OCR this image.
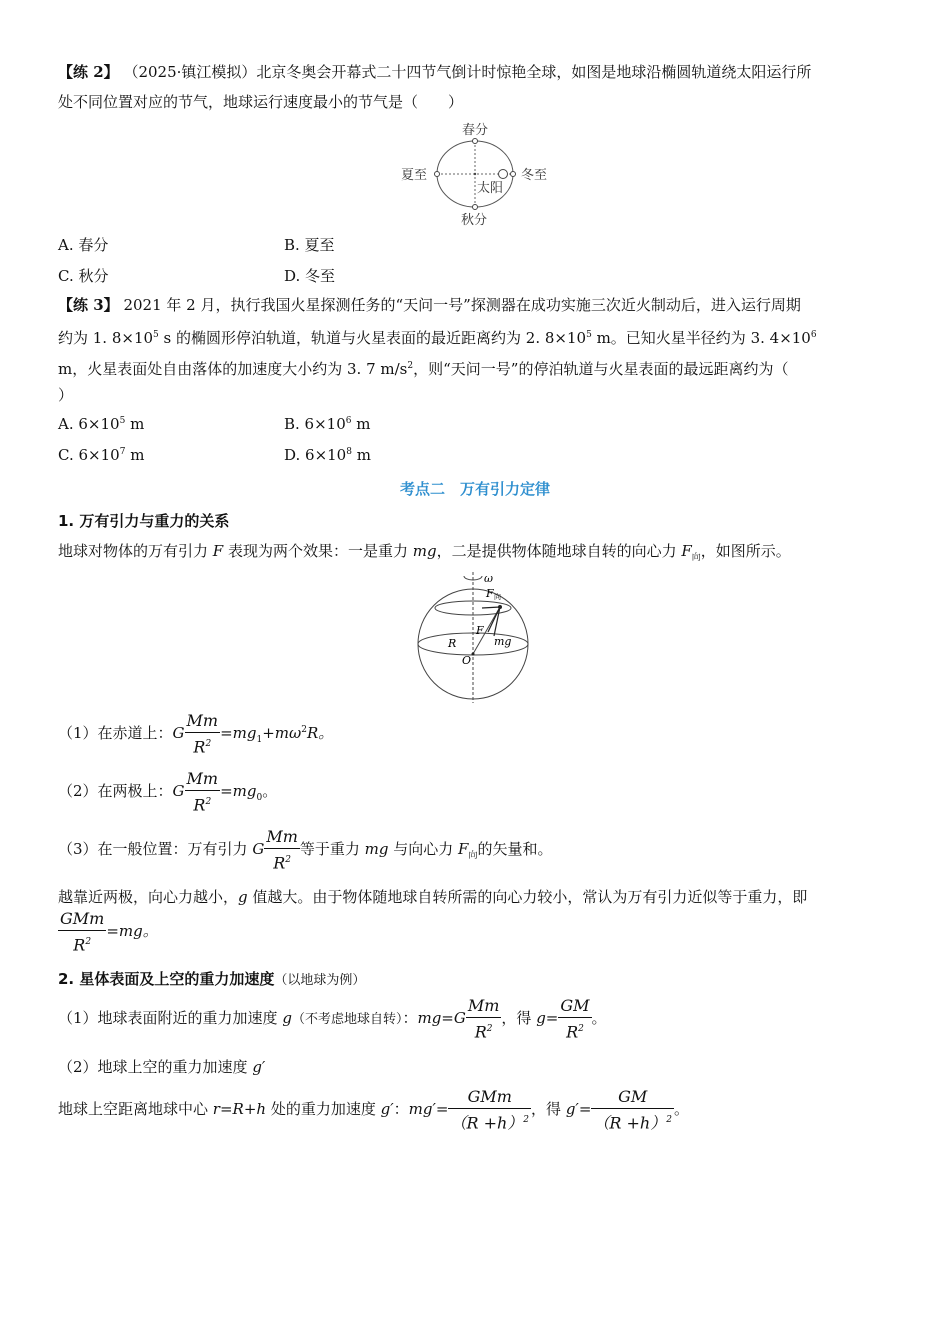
【练 2】 （2025·镇江模拟）北京冬奥会开幕式二十四节气倒计时惊艳全球，如图是地球沿椭圆轨道绕太阳运行所
处不同位置对应的节气，地球运行速度最小的节气是（　　）
春分
秋分
夏至	冬至
太阳
A. 春分	B. 夏至
C. 秋分	D. 冬至
【练 3】 2021 年 2 月，执行我国火星探测任务的“天问一号”探测器在成功实施三次近火制动后，进入运行周期
约为 1. $8\times 10^5$ s 的椭圆形停泊轨道，轨道与火星表面的最近距离约为 2. $8\times 10^5$ m。已知火星半径约为 3. $4\times 10^6$
m，火星表面处自由落体的加速度大小约为 3. 7 $m/s^2$，则“天问一号”的停泊轨道与火星表面的最远距离约为（
）
A. $6\times 10^5$ m	B. $6\times 10^6$ m
C. $6\times 10^7$ m	D. $6\times 10^8$ m
考点二　万有引力定律
1. 万有引力与重力的关系
地球对物体的万有引力 F 表现为两个效果：一是重力 mg，二是提供物体随地球自转的向心力 $F_向$，如图所示。
ω
F 向
F
mg
R
O
（1）在赤道上：G $\frac{Mm}{R^2} =mg_1+m\omega^2R$。
（2）在两极上：G $\frac{Mm}{R^2} =mg_0$。
（3）在一般位置：万有引力 G $\frac{Mm}{R^2}$ 等于重力 mg 与向心力 $F_向$的矢量和。
越靠近两极，向心力越小，g 值越大。由于物体随地球自转所需的向心力较小，常认为万有引力近似等于重力，即
$\frac{\text{GMm}}{R^2} =mg$。
2. 星体表面及上空的重力加速度（以地球为例）
（1）地球表面附近的重力加速度 g（不考虑地球自转）：$mg=G \frac{Mm}{R^2}$ ，得 $g= \frac{GM}{R^2}$ 。
（2）地球上空的重力加速度 g′
地球上空距离地球中心 r=R+h 处的重力加速度 g′：$mg'= \frac{\text{GMm}}{(R +h)^2}$ ，得 $g'= \frac{GM}{(R +h)^2}$ 。
